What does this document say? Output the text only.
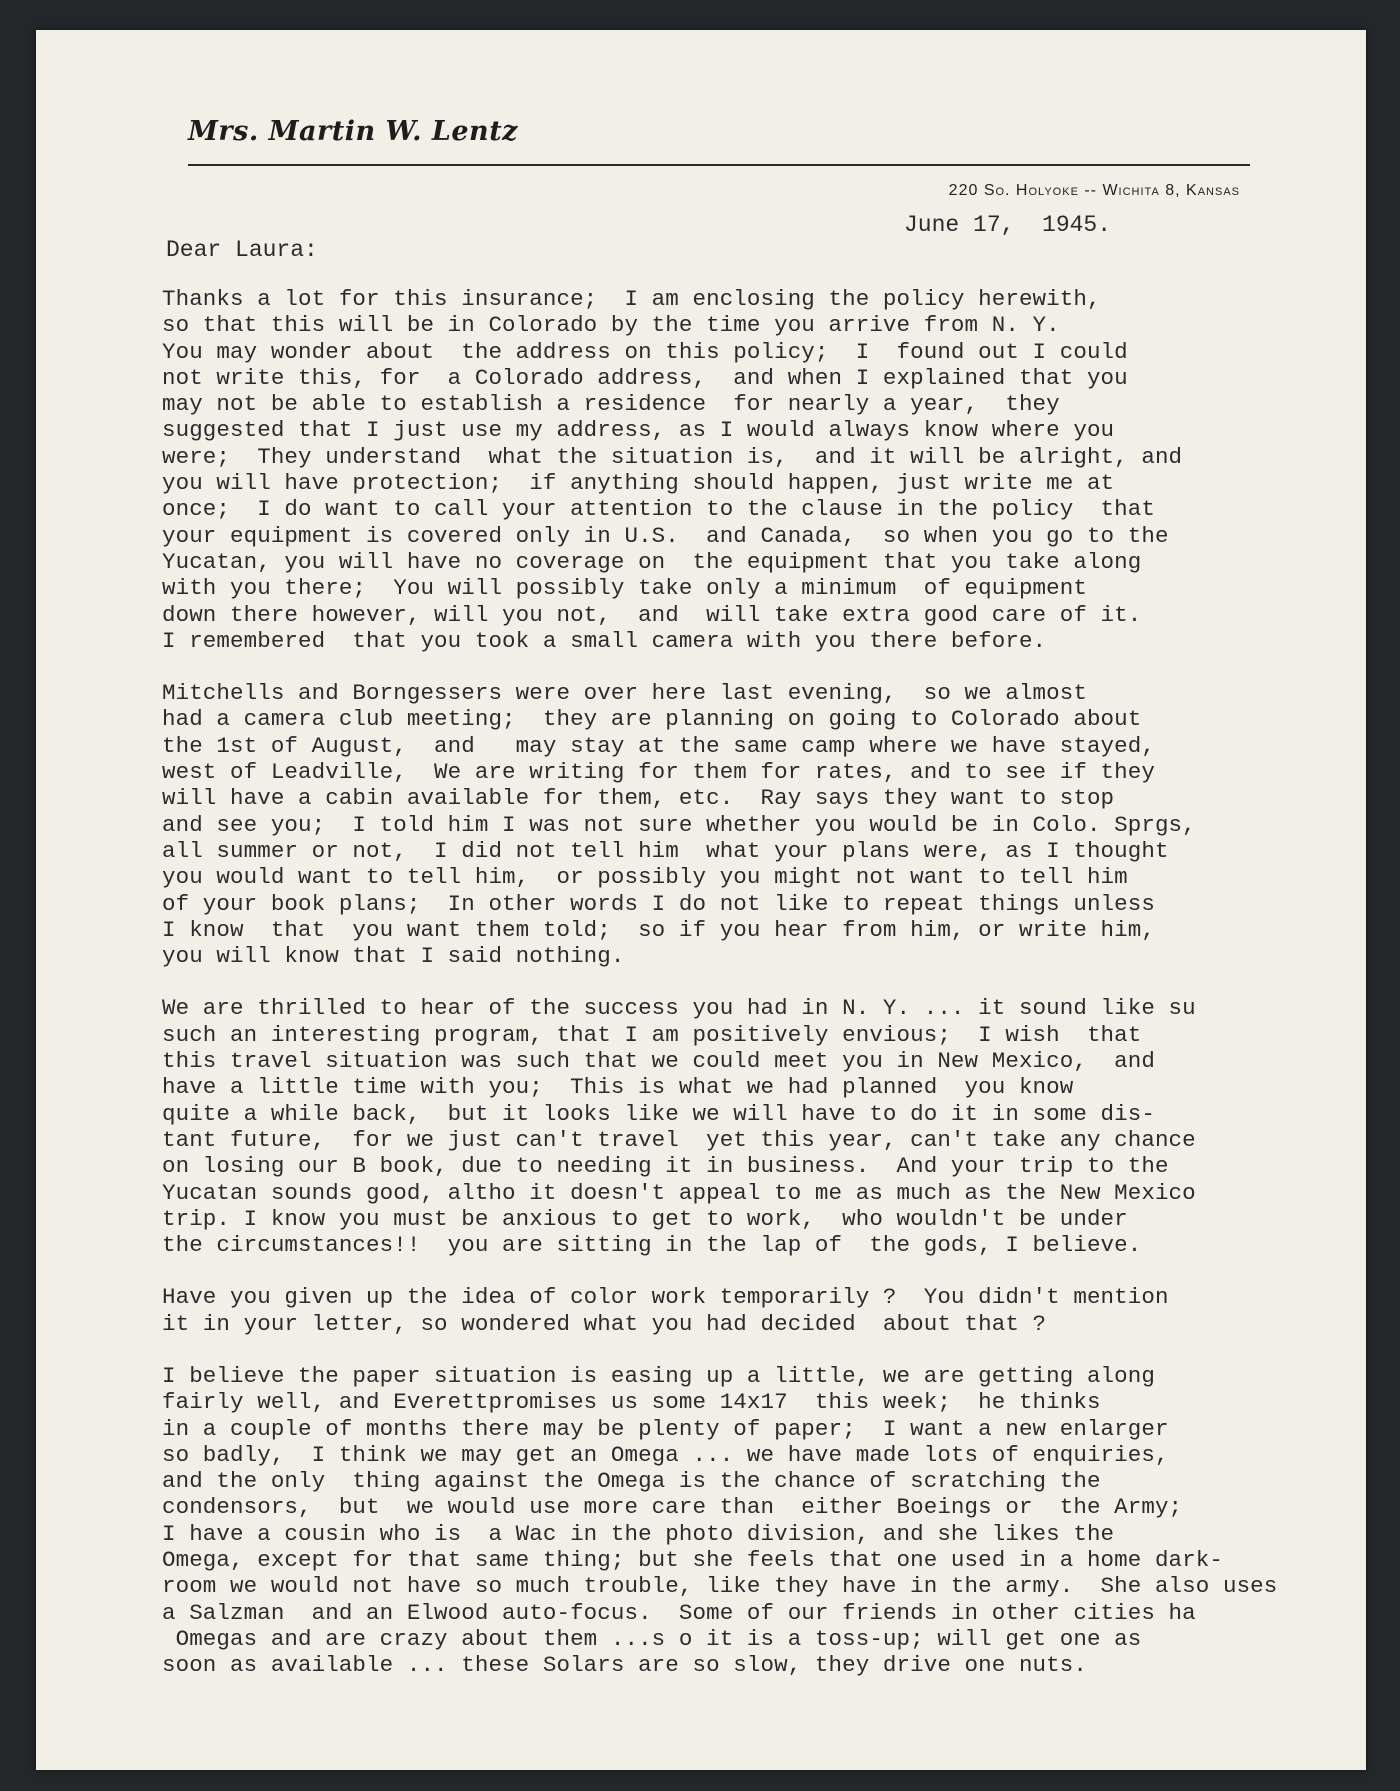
Mrs. Martin W. Lentz
220 So. Holyoke -- Wichita 8, Kansas
June 17,  1945.
Dear Laura:
Thanks a lot for this insurance;  I am enclosing the policy herewith,
so that this will be in Colorado by the time you arrive from N. Y.
You may wonder about  the address on this policy;  I  found out I could
not write this, for  a Colorado address,  and when I explained that you
may not be able to establish a residence  for nearly a year,  they
suggested that I just use my address, as I would always know where you
were;  They understand  what the situation is,  and it will be alright, and
you will have protection;  if anything should happen, just write me at
once;  I do want to call your attention to the clause in the policy  that
your equipment is covered only in U.S.  and Canada,  so when you go to the
Yucatan, you will have no coverage on  the equipment that you take along
with you there;  You will possibly take only a minimum  of equipment
down there however, will you not,  and  will take extra good care of it.
I remembered  that you took a small camera with you there before.
Mitchells and Borngessers were over here last evening,  so we almost
had a camera club meeting;  they are planning on going to Colorado about
the 1st of August,  and   may stay at the same camp where we have stayed,
west of Leadville,  We are writing for them for rates, and to see if they
will have a cabin available for them, etc.  Ray says they want to stop
and see you;  I told him I was not sure whether you would be in Colo. Sprgs,
all summer or not,  I did not tell him  what your plans were, as I thought
you would want to tell him,  or possibly you might not want to tell him
of your book plans;  In other words I do not like to repeat things unless
I know  that  you want them told;  so if you hear from him, or write him,
you will know that I said nothing.
We are thrilled to hear of the success you had in N. Y. ... it sound like su
such an interesting program, that I am positively envious;  I wish  that
this travel situation was such that we could meet you in New Mexico,  and
have a little time with you;  This is what we had planned  you know
quite a while back,  but it looks like we will have to do it in some dis-
tant future,  for we just can't travel  yet this year, can't take any chance
on losing our B book, due to needing it in business.  And your trip to the
Yucatan sounds good, altho it doesn't appeal to me as much as the New Mexico
trip. I know you must be anxious to get to work,  who wouldn't be under
the circumstances!!  you are sitting in the lap of  the gods, I believe.
Have you given up the idea of color work temporarily ?  You didn't mention
it in your letter, so wondered what you had decided  about that ?
I believe the paper situation is easing up a little, we are getting along
fairly well, and Everettpromises us some 14x17  this week;  he thinks
in a couple of months there may be plenty of paper;  I want a new enlarger
so badly,  I think we may get an Omega ... we have made lots of enquiries,
and the only  thing against the Omega is the chance of scratching the
condensors,  but  we would use more care than  either Boeings or  the Army;
I have a cousin who is  a Wac in the photo division, and she likes the
Omega, except for that same thing; but she feels that one used in a home dark-
room we would not have so much trouble, like they have in the army.  She also uses
a Salzman  and an Elwood auto-focus.  Some of our friends in other cities ha
Omegas and are crazy about them ...s o it is a toss-up; will get one as
soon as available ... these Solars are so slow, they drive one nuts.
